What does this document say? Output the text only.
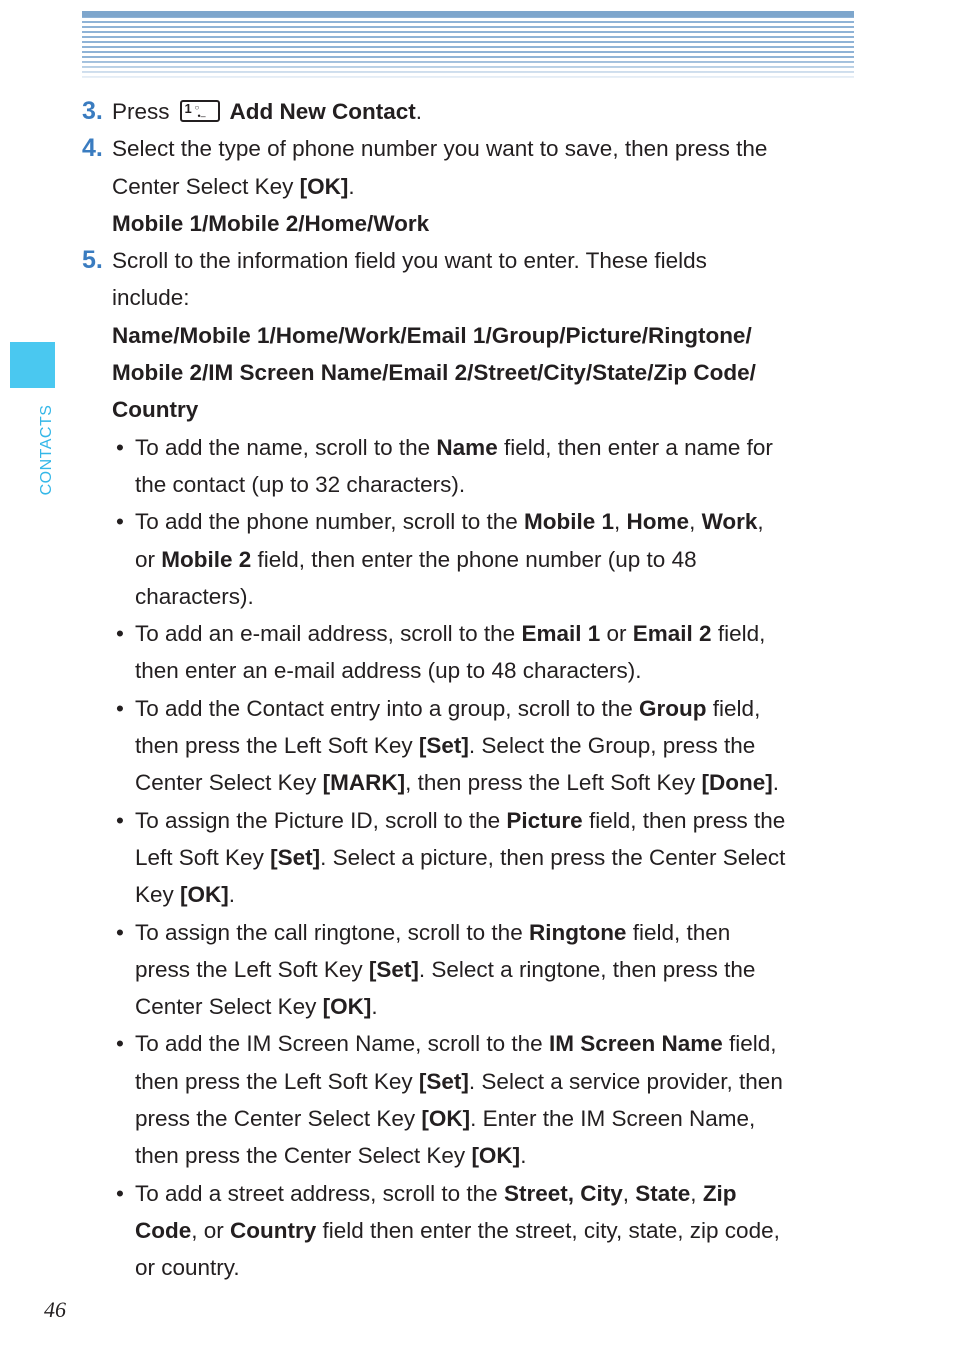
CONTACTS
46
3. Press 1 ○
•– Add New Contact.
4. Select the type of phone number you want to save, then press the
Center Select Key [OK].
Mobile 1/Mobile 2/Home/Work
5. Scroll to the information field you want to enter. These fields
include:
Name/Mobile 1/Home/Work/Email 1/Group/Picture/Ringtone/
Mobile 2/IM Screen Name/Email 2/Street/City/State/Zip Code/
Country
• To add the name, scroll to the Name field, then enter a name for
the contact (up to 32 characters).
• To add the phone number, scroll to the Mobile 1, Home, Work,
or Mobile 2 field, then enter the phone number (up to 48
characters).
• To add an e-mail address, scroll to the Email 1 or Email 2 field,
then enter an e-mail address (up to 48 characters).
• To add the Contact entry into a group, scroll to the Group field,
then press the Left Soft Key [Set]. Select the Group, press the
Center Select Key [MARK], then press the Left Soft Key [Done].
• To assign the Picture ID, scroll to the Picture field, then press the
Left Soft Key [Set]. Select a picture, then press the Center Select
Key [OK].
• To assign the call ringtone, scroll to the Ringtone field, then
press the Left Soft Key [Set]. Select a ringtone, then press the
Center Select Key [OK].
• To add the IM Screen Name, scroll to the IM Screen Name field,
then press the Left Soft Key [Set]. Select a service provider, then
press the Center Select Key [OK]. Enter the IM Screen Name,
then press the Center Select Key [OK].
• To add a street address, scroll to the Street, City, State, Zip
Code, or Country field then enter the street, city, state, zip code,
or country.
